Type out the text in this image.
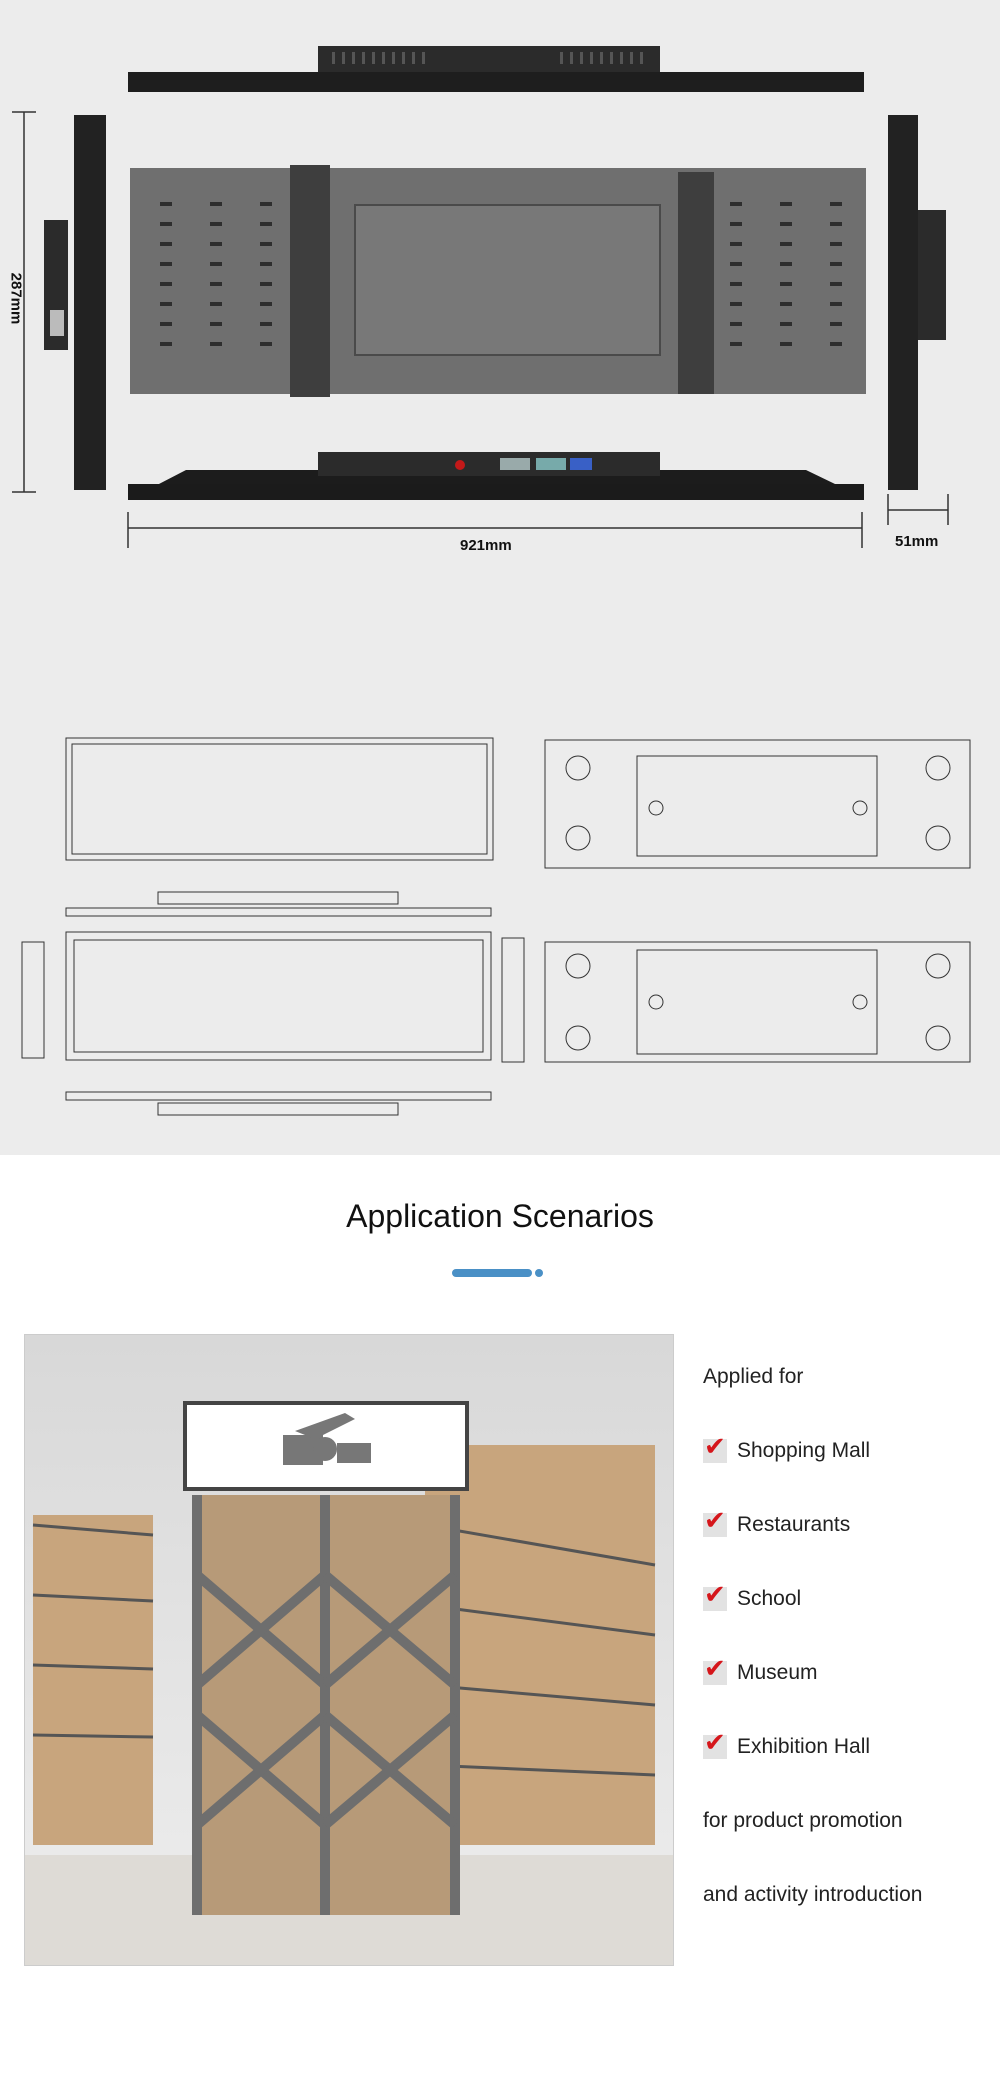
287mm
921mm	51mm
Application Scenarios
Applied for
✔ Shopping Mall
✔ Restaurants
✔ School
✔ Museum
✔ Exhibition Hall
for product promotion
and activity introduction
